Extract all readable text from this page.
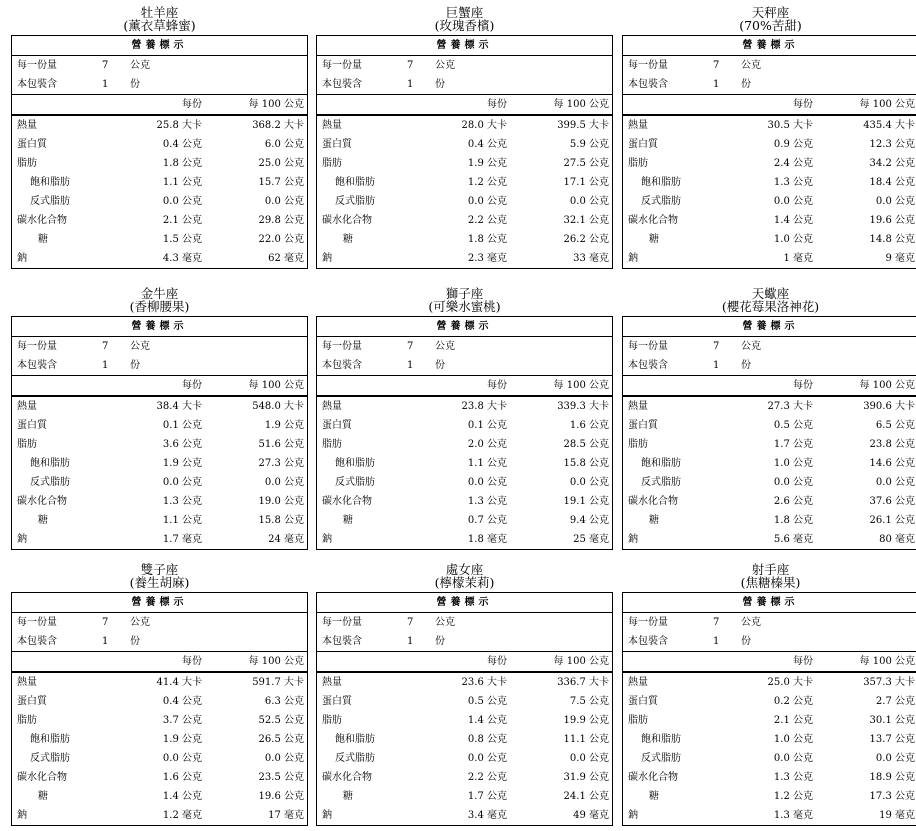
牡羊座
(薰衣草蜂蜜)
營養標示
每一份量	7 公克
本包裝含	1 份
每份	每 100 公克
熱量	25.8 大卡	368.2 大卡
蛋白質	0.4 公克	6.0 公克
脂肪	1.8 公克	25.0 公克
飽和脂肪	1.1 公克	15.7 公克
反式脂肪	0.0 公克	0.0 公克
碳水化合物	2.1 公克	29.8 公克
糖	1.5 公克	22.0 公克
鈉	4.3 毫克	62 毫克
巨蟹座
(玫瑰香檳)
營養標示
每一份量	7 公克
本包裝含	1 份
每份	每 100 公克
熱量	28.0 大卡	399.5 大卡
蛋白質	0.4 公克	5.9 公克
脂肪	1.9 公克	27.5 公克
飽和脂肪	1.2 公克	17.1 公克
反式脂肪	0.0 公克	0.0 公克
碳水化合物	2.2 公克	32.1 公克
糖	1.8 公克	26.2 公克
鈉	2.3 毫克	33 毫克
天秤座
(70%苦甜)
營養標示
每一份量	7 公克
本包裝含	1 份
每份	每 100 公克
熱量	30.5 大卡	435.4 大卡
蛋白質	0.9 公克	12.3 公克
脂肪	2.4 公克	34.2 公克
飽和脂肪	1.3 公克	18.4 公克
反式脂肪	0.0 公克	0.0 公克
碳水化合物	1.4 公克	19.6 公克
糖	1.0 公克	14.8 公克
鈉	1 毫克	9 毫克
金牛座
(香柳腰果)
營養標示
每一份量	7 公克
本包裝含	1 份
每份	每 100 公克
熱量	38.4 大卡	548.0 大卡
蛋白質	0.1 公克	1.9 公克
脂肪	3.6 公克	51.6 公克
飽和脂肪	1.9 公克	27.3 公克
反式脂肪	0.0 公克	0.0 公克
碳水化合物	1.3 公克	19.0 公克
糖	1.1 公克	15.8 公克
鈉	1.7 毫克	24 毫克
獅子座
(可樂水蜜桃)
營養標示
每一份量	7 公克
本包裝含	1 份
每份	每 100 公克
熱量	23.8 大卡	339.3 大卡
蛋白質	0.1 公克	1.6 公克
脂肪	2.0 公克	28.5 公克
飽和脂肪	1.1 公克	15.8 公克
反式脂肪	0.0 公克	0.0 公克
碳水化合物	1.3 公克	19.1 公克
糖	0.7 公克	9.4 公克
鈉	1.8 毫克	25 毫克
天蠍座
(櫻花莓果洛神花)
營養標示
每一份量	7 公克
本包裝含	1 份
每份	每 100 公克
熱量	27.3 大卡	390.6 大卡
蛋白質	0.5 公克	6.5 公克
脂肪	1.7 公克	23.8 公克
飽和脂肪	1.0 公克	14.6 公克
反式脂肪	0.0 公克	0.0 公克
碳水化合物	2.6 公克	37.6 公克
糖	1.8 公克	26.1 公克
鈉	5.6 毫克	80 毫克
雙子座
(養生胡麻)
營養標示
每一份量	7 公克
本包裝含	1 份
每份	每 100 公克
熱量	41.4 大卡	591.7 大卡
蛋白質	0.4 公克	6.3 公克
脂肪	3.7 公克	52.5 公克
飽和脂肪	1.9 公克	26.5 公克
反式脂肪	0.0 公克	0.0 公克
碳水化合物	1.6 公克	23.5 公克
糖	1.4 公克	19.6 公克
鈉	1.2 毫克	17 毫克
處女座
(檸檬茉莉)
營養標示
每一份量	7 公克
本包裝含	1 份
每份	每 100 公克
熱量	23.6 大卡	336.7 大卡
蛋白質	0.5 公克	7.5 公克
脂肪	1.4 公克	19.9 公克
飽和脂肪	0.8 公克	11.1 公克
反式脂肪	0.0 公克	0.0 公克
碳水化合物	2.2 公克	31.9 公克
糖	1.7 公克	24.1 公克
鈉	3.4 毫克	49 毫克
射手座
(焦糖榛果)
營養標示
每一份量	7 公克
本包裝含	1 份
每份	每 100 公克
熱量	25.0 大卡	357.3 大卡
蛋白質	0.2 公克	2.7 公克
脂肪	2.1 公克	30.1 公克
飽和脂肪	1.0 公克	13.7 公克
反式脂肪	0.0 公克	0.0 公克
碳水化合物	1.3 公克	18.9 公克
糖	1.2 公克	17.3 公克
鈉	1.3 毫克	19 毫克
